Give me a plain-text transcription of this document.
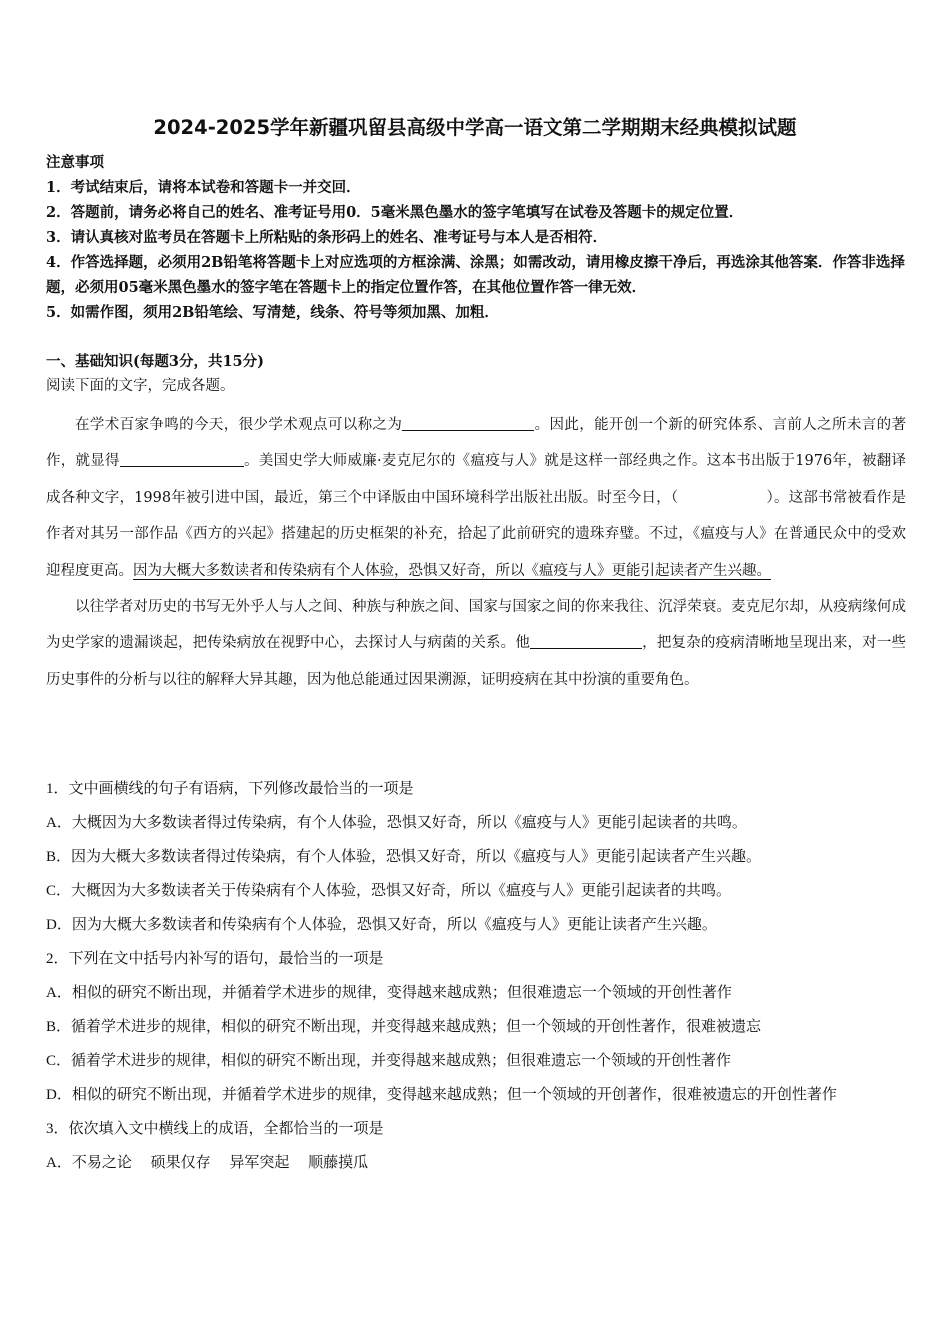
2024-2025学年新疆巩留县高级中学高一语文第二学期期末经典模拟试题
注意事项
1．考试结束后，请将本试卷和答题卡一并交回．
2．答题前，请务必将自己的姓名、准考证号用0．5毫米黑色墨水的签字笔填写在试卷及答题卡的规定位置．
3．请认真核对监考员在答题卡上所粘贴的条形码上的姓名、准考证号与本人是否相符．
4．作答选择题，必须用2B铅笔将答题卡上对应选项的方框涂满、涂黑；如需改动，请用橡皮擦干净后，再选涂其他答案．作答非选择题，必须用05毫米黑色墨水的签字笔在答题卡上的指定位置作答，在其他位置作答一律无效．
5．如需作图，须用2B铅笔绘、写清楚，线条、符号等须加黑、加粗．
一、基础知识(每题3分，共15分)
阅读下面的文字，完成各题。

在学术百家争鸣的今天，很少学术观点可以称之为	。因此，能开创一个新的研究体系、言前人之所未言的著作，就显得	。美国史学大师威廉·麦克尼尔的《瘟疫与人》就是这样一部经典之作。这本书出版于1976年，被翻译成各种文字，1998年被引进中国，最近，第三个中译版由中国环境科学出版社出版。时至今日，（	）。这部书常被看作是作者对其另一部作品《西方的兴起》搭建起的历史框架的补充，拾起了此前研究的遗珠弃璧。不过，《瘟疫与人》在普通民众中的受欢迎程度更高。因为大概大多数读者和传染病有个人体验，恐惧又好奇，所以《瘟疫与人》更能引起读者产生兴趣。

以往学者对历史的书写无外乎人与人之间、种族与种族之间、国家与国家之间的你来我往、沉浮荣衰。麦克尼尔却，从疫病缘何成为史学家的遗漏谈起，把传染病放在视野中心，去探讨人与病菌的关系。他	，把复杂的疫病清晰地呈现出来，对一些历史事件的分析与以往的解释大异其趣，因为他总能通过因果溯源，证明疫病在其中扮演的重要角色。

1．文中画横线的句子有语病，下列修改最恰当的一项是
A．大概因为大多数读者得过传染病，有个人体验，恐惧又好奇，所以《瘟疫与人》更能引起读者的共鸣。
B．因为大概大多数读者得过传染病，有个人体验，恐惧又好奇，所以《瘟疫与人》更能引起读者产生兴趣。
C．大概因为大多数读者关于传染病有个人体验，恐惧又好奇，所以《瘟疫与人》更能引起读者的共鸣。
D．因为大概大多数读者和传染病有个人体验，恐惧又好奇，所以《瘟疫与人》更能让读者产生兴趣。
2．下列在文中括号内补写的语句，最恰当的一项是
A．相似的研究不断出现，并循着学术进步的规律，变得越来越成熟；但很难遗忘一个领域的开创性著作
B．循着学术进步的规律，相似的研究不断出现，并变得越来越成熟；但一个领域的开创性著作，很难被遗忘
C．循着学术进步的规律，相似的研究不断出现，并变得越来越成熟；但很难遗忘一个领域的开创性著作
D．相似的研究不断出现，并循着学术进步的规律，变得越来越成熟；但一个领域的开创著作，很难被遗忘的开创性著作
3．依次填入文中横线上的成语，全都恰当的一项是
A．不易之论　 硕果仅存　 异军突起　 顺藤摸瓜
